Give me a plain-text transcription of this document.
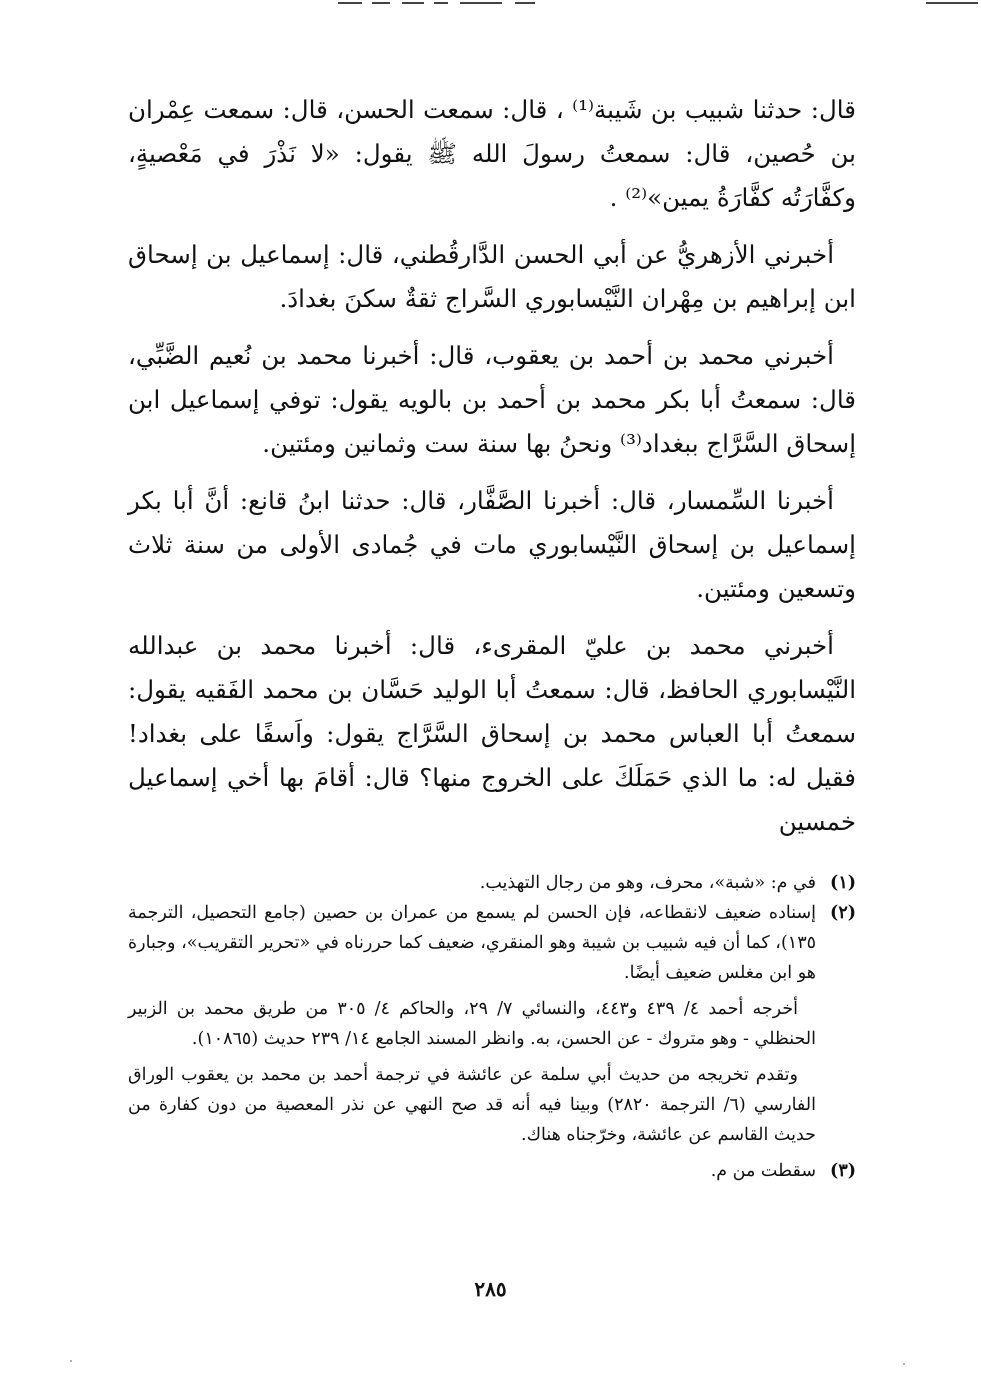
قال: حدثنا شبيب بن شَيبة⁽¹⁾ ، قال: سمعت الحسن، قال: سمعت عِمْران بن حُصين، قال: سمعتُ رسولَ الله ﷺ يقول: «لا نَذْرَ في مَعْصيةٍ، وكفَّارَتُه كفَّارَةُ يمين»⁽²⁾ .

أخبرني الأزهريُّ عن أبي الحسن الدَّارقُطني، قال: إسماعيل بن إسحاق ابن إبراهيم بن مِهْران النَّيْسابوري السَّراج ثقةٌ سكنَ بغدادَ.

أخبرني محمد بن أحمد بن يعقوب، قال: أخبرنا محمد بن نُعيم الضَّبِّي، قال: سمعتُ أبا بكر محمد بن أحمد بن بالويه يقول: توفي إسماعيل ابن إسحاق السَّرَّاج ببغداد⁽³⁾ ونحنُ بها سنة ست وثمانين ومئتين.

أخبرنا السِّمسار، قال: أخبرنا الصَّفَّار، قال: حدثنا ابنُ قانع: أنَّ أبا بكر إسماعيل بن إسحاق النَّيْسابوري مات في جُمادى الأولى من سنة ثلاث وتسعين ومئتين.

أخبرني محمد بن عليّ المقرىء، قال: أخبرنا محمد بن عبدالله النَّيْسابوري الحافظ، قال: سمعتُ أبا الوليد حَسَّان بن محمد الفَقيه يقول: سمعتُ أبا العباس محمد بن إسحاق السَّرَّاج يقول: واَسفًا على بغداد! فقيل له: ما الذي حَمَلَكَ على الخروج منها؟ قال: أقامَ بها أخي إسماعيل خمسين

(١)
في م: «شبة»، محرف، وهو من رجال التهذيب.
(٢)
إسناده ضعيف لانقطاعه، فإن الحسن لم يسمع من عمران بن حصين (جامع التحصيل، الترجمة ١٣٥)، كما أن فيه شبيب بن شيبة وهو المنقري، ضعيف كما حررناه في «تحرير التقريب»، وجبارة هو ابن مغلس ضعيف أيضًا.
أخرجه أحمد ٤/ ٤٣٩ و٤٤٣، والنسائي ٧/ ٢٩، والحاكم ٤/ ٣٠٥ من طريق محمد بن الزبير الحنظلي - وهو متروك - عن الحسن، به. وانظر المسند الجامع ١٤/ ٢٣٩ حديث (١٠٨٦٥).
وتقدم تخريجه من حديث أبي سلمة عن عائشة في ترجمة أحمد بن محمد بن يعقوب الوراق الفارسي (٦/ الترجمة ٢٨٢٠) وبينا فيه أنه قد صح النهي عن نذر المعصية من دون كفارة من حديث القاسم عن عائشة، وخرّجناه هناك.
(٣)
سقطت من م.
٢٨٥
